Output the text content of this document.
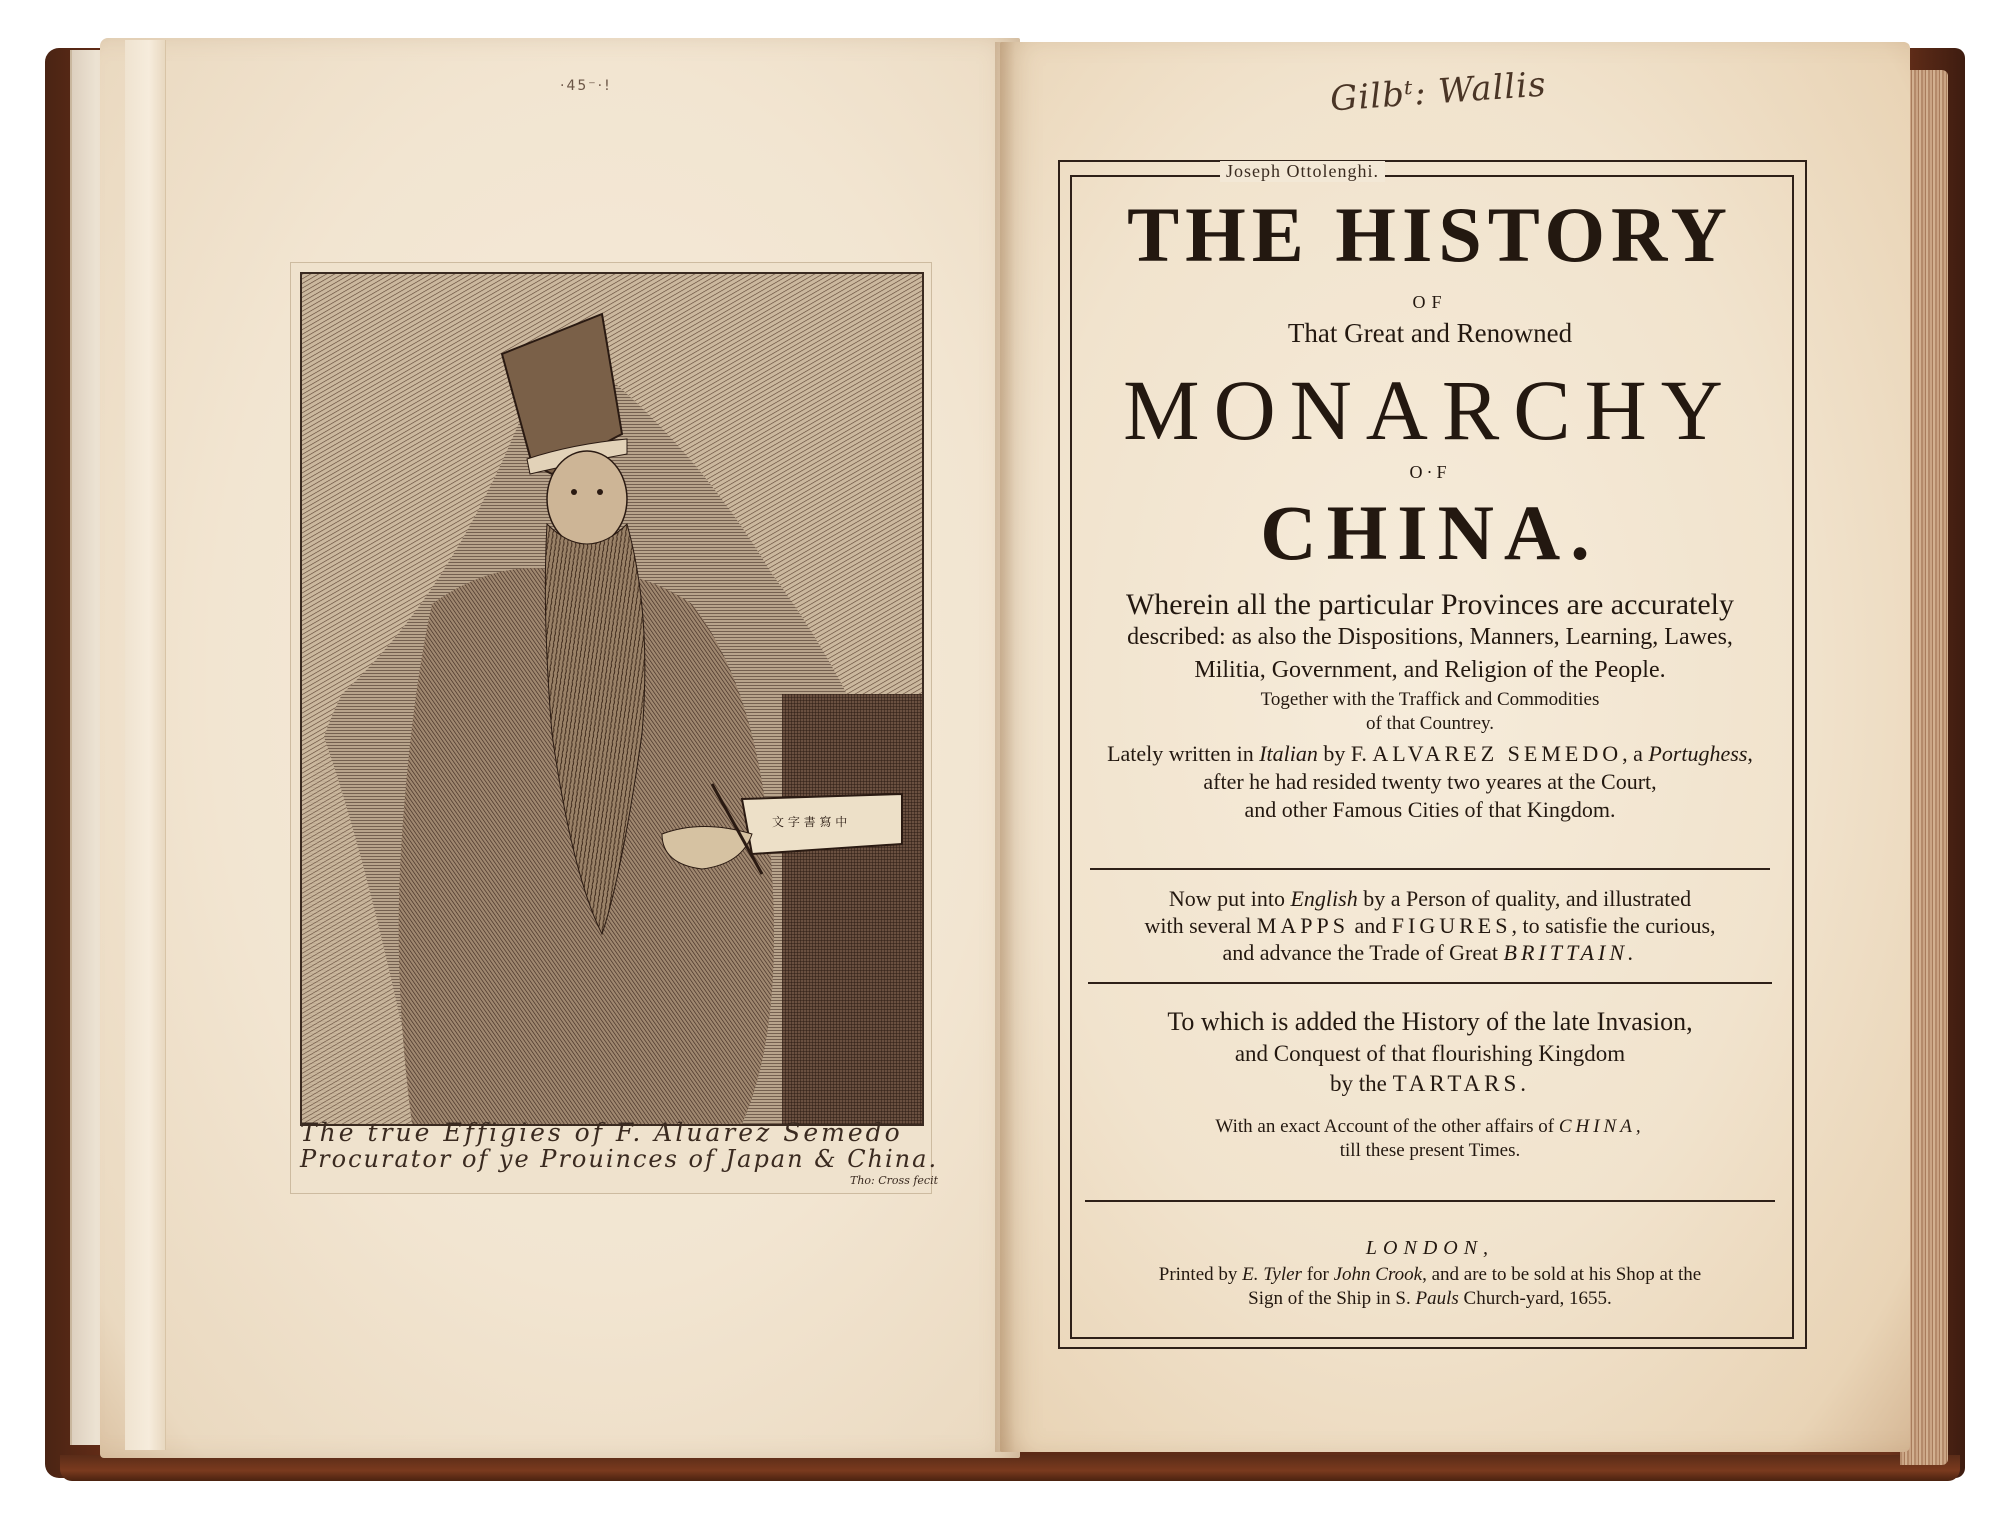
·45⁻·!
文 字 書 寫 中
The true Effigies of F. Aluarez Semedo
Procurator of ye Prouinces of Japan & China.
Tho: Cross fecit
Gilbᵗ: Wallis
Joseph Ottolenghi.
THE HISTORY
OF
That Great and Renowned
MONARCHY
O·F
CHINA.
Wherein all the particular Provinces are accurately
described: as also the Dispositions, Manners, Learning, Lawes,
Militia, Government, and Religion of the People.
Together with the Traffick and Commodities
of that Countrey.
Lately written in Italian by F. ALVAREZ SEMEDO, a Portughess,
after he had resided twenty two yeares at the Court,
and other Famous Cities of that Kingdom.
Now put into English by a Person of quality, and illustrated
with several MAPPS and FIGURES, to satisfie the curious,
and advance the Trade of Great BRITTAIN.
To which is added the History of the late Invasion,
and Conquest of that flourishing Kingdom
by the TARTARS.
With an exact Account of the other affairs of CHINA,
till these present Times.
LONDON,
Printed by E. Tyler for John Crook, and are to be sold at his Shop at the
Sign of the Ship in S. Pauls Church-yard, 1655.
